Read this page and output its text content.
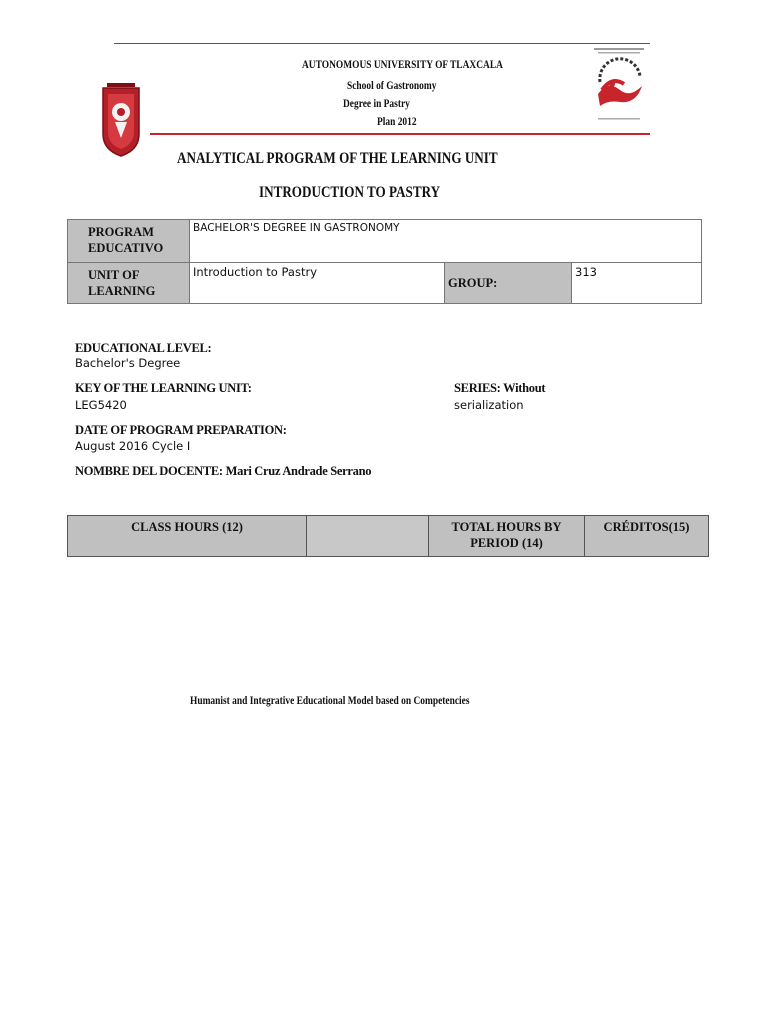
AUTONOMOUS UNIVERSITY OF TLAXCALA
School of Gastronomy
Degree in Pastry
Plan 2012
ANALYTICAL PROGRAM OF THE LEARNING UNIT
INTRODUCTION TO PASTRY
PROGRAM EDUCATIVO	BACHELOR'S DEGREE IN GASTRONOMY		
UNIT OF LEARNING	Introduction to Pastry	GROUP:	313
EDUCATIONAL LEVEL:
Bachelor's Degree
KEY OF THE LEARNING UNIT:
LEG5420
SERIES: Without
serialization
DATE OF PROGRAM PREPARATION:
August 2016 Cycle I
NOMBRE DEL DOCENTE: Mari Cruz Andrade Serrano
CLASS HOURS (12)		TOTAL HOURS BY PERIOD (14)	CRÉDITOS(15)
Humanist and Integrative Educational Model based on Competencies
